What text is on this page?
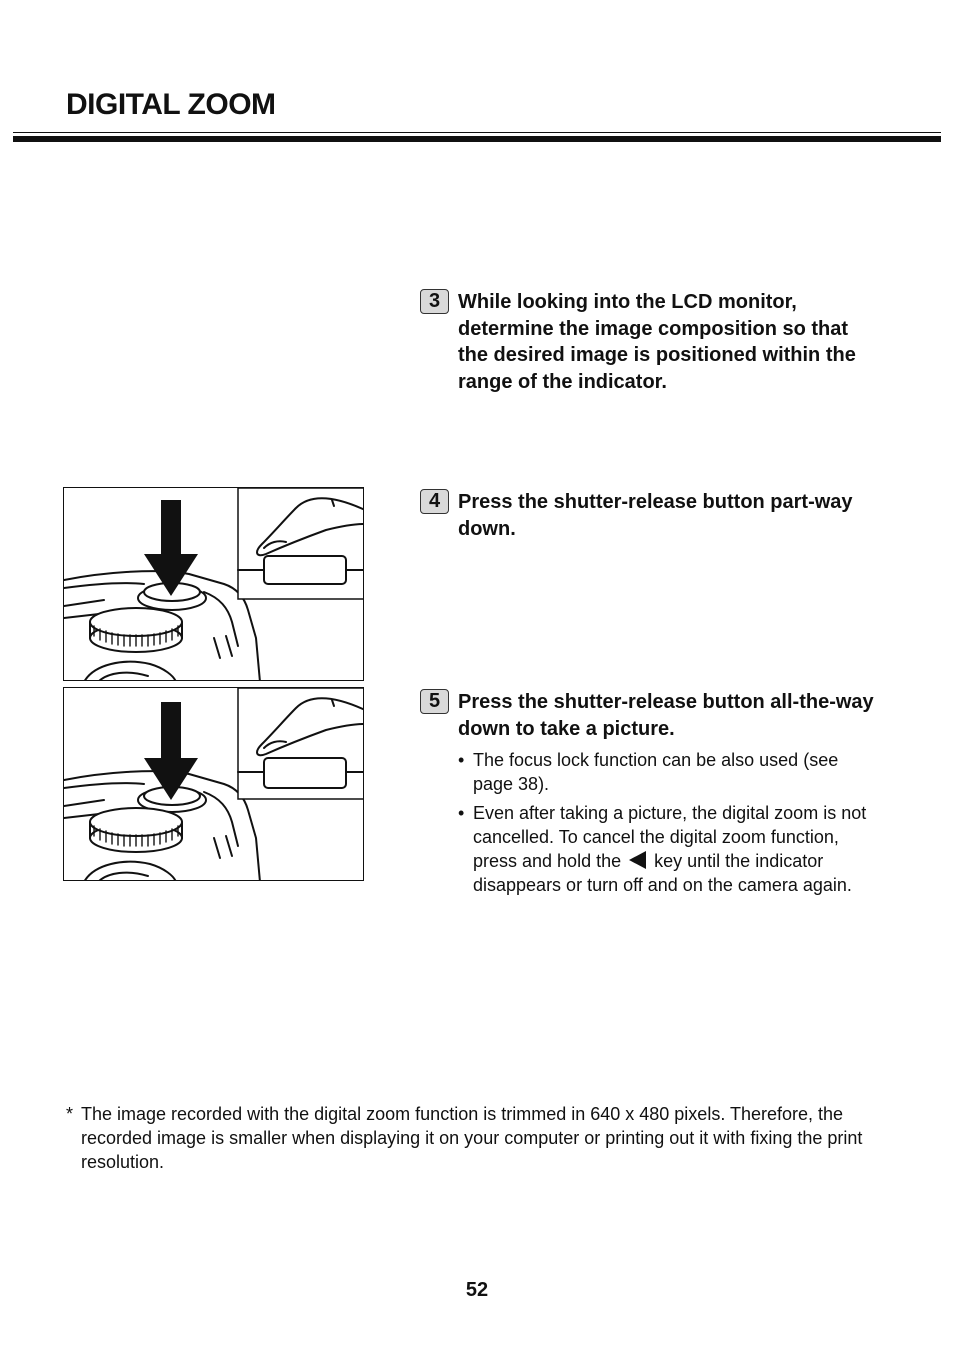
DIGITAL ZOOM
3 While looking into the LCD monitor, determine the image composition so that the desired image is positioned within the range of the indicator.

4 Press the shutter-release button part-way down.

5 Press the shutter-release button all-the-way down to take a picture.

• The focus lock function can be also used (see page 38).
• Even after taking a picture, the digital zoom is not cancelled. To cancel the digital zoom function, press and hold the key until the indicator disappears or turn off and on the camera again.
* The image recorded with the digital zoom function is trimmed in 640 x 480 pixels. Therefore, the recorded image is smaller when displaying it on your computer or printing out it with fixing the print resolution.

52
